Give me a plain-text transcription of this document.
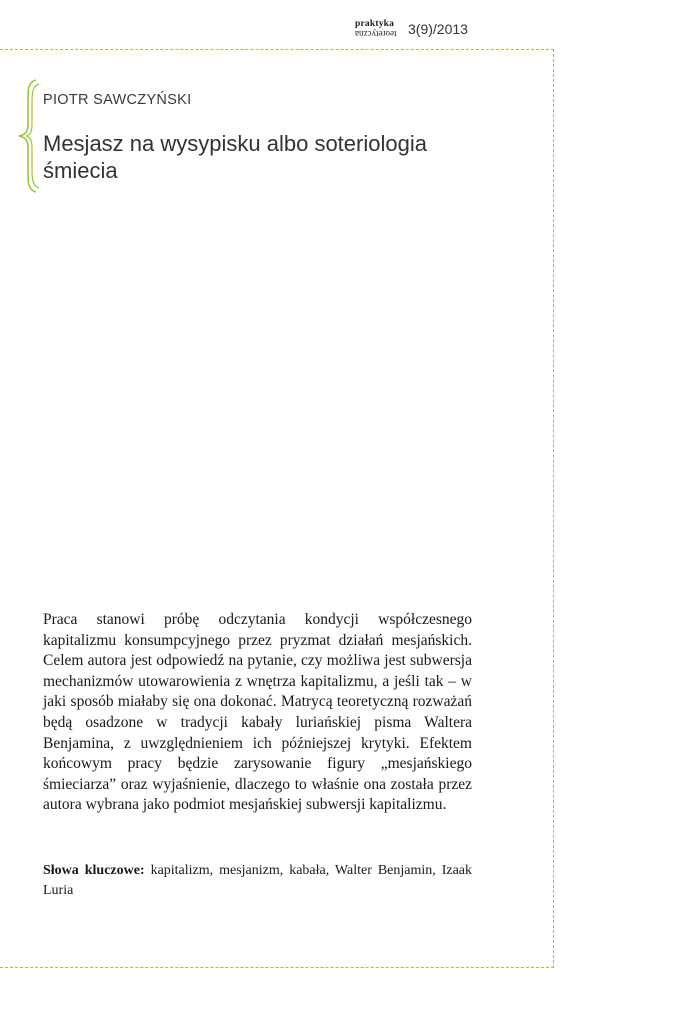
praktyka
teoretyczna 3(9)/2013
PIOTR SAWCZYŃSKI
Mesjasz na wysypisku albo soteriologia śmiecia

Praca stanowi próbę odczytania kondycji współczesnego kapitalizmu konsumpcyjnego przez pryzmat działań mesjańskich. Celem autora jest odpowiedź na pytanie, czy możliwa jest subwersja mechanizmów utowarowienia z wnętrza kapitalizmu, a jeśli tak – w jaki sposób miałaby się ona dokonać. Matrycą teoretyczną rozważań będą osadzone w tradycji kabały luriańskiej pisma Waltera Benjamina, z uwzględnieniem ich późniejszej krytyki. Efektem końcowym pracy będzie zarysowanie figury „mesjańskiego śmieciarza” oraz wyjaśnienie, dlaczego to właśnie ona została przez autora wybrana jako podmiot mesjańskiej subwersji kapitalizmu.

Słowa kluczowe: kapitalizm, mesjanizm, kabała, Walter Benjamin, Izaak Luria
